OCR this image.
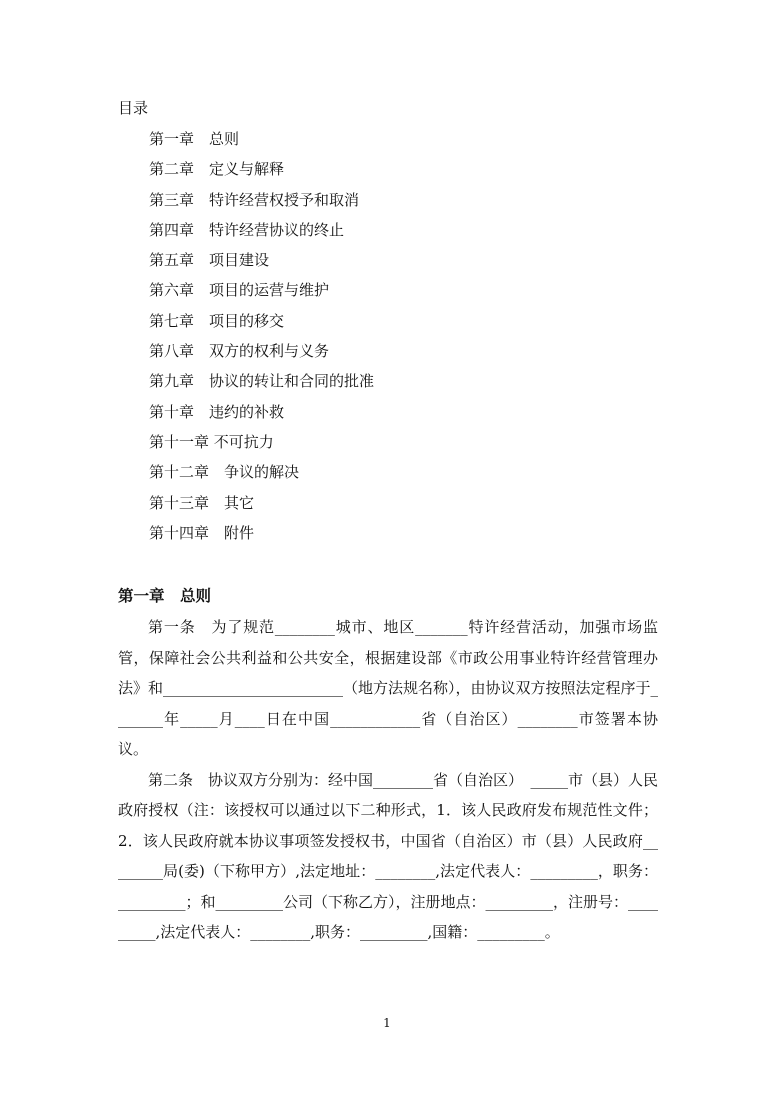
目录
第一章　总则
第二章　定义与解释
第三章　特许经营权授予和取消
第四章　特许经营协议的终止
第五章　项目建设
第六章　项目的运营与维护
第七章　项目的移交
第八章　双方的权利与义务
第九章　协议的转让和合同的批准
第十章　违约的补救
第十一章 不可抗力
第十二章　争议的解决
第十三章　其它
第十四章　附件
第一章　总则

第一条　为了规范________城市、地区_______特许经营活动，加强市场监管，保障社会公共利益和公共安全，根据建设部《市政公用事业特许经营管理办法》和________________________（地方法规名称），由协议双方按照法定程序于_______年_____月____日在中国____________省（自治区）________市签署本协议。

第二条　协议双方分别为：经中国________省（自治区）　_____市（县）人民政府授权（注：该授权可以通过以下二种形式，1．该人民政府发布规范性文件；2．该人民政府就本协议事项签发授权书，中国省（自治区）市（县）人民政府________局(委)（下称甲方）,法定地址：________,法定代表人：_________，职务：_________；和_________公司（下称乙方），注册地点：_________，注册号：_________,法定代表人：________,职务：_________,国籍：_________。

1
